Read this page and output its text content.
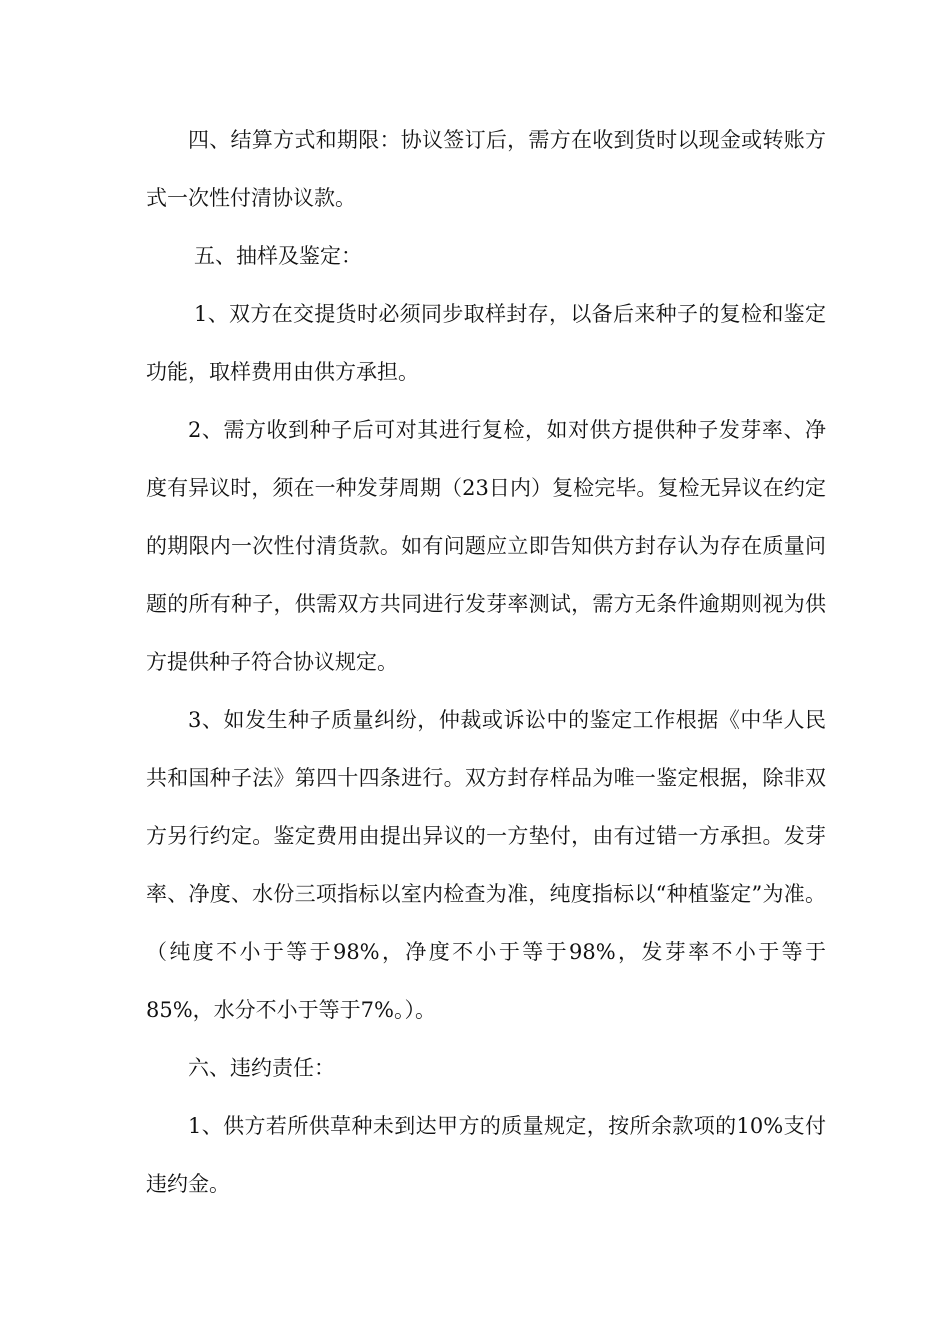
四、结算方式和期限：协议签订后，需方在收到货时以现金或转账方式一次性付清协议款。

五、抽样及鉴定：

1、双方在交提货时必须同步取样封存，以备后来种子的复检和鉴定功能，取样费用由供方承担。

2、需方收到种子后可对其进行复检，如对供方提供种子发芽率、净度有异议时，须在一种发芽周期（23日内）复检完毕。复检无异议在约定的期限内一次性付清货款。如有问题应立即告知供方封存认为存在质量问题的所有种子，供需双方共同进行发芽率测试，需方无条件逾期则视为供方提供种子符合协议规定。

3、如发生种子质量纠纷，仲裁或诉讼中的鉴定工作根据《中华人民共和国种子法》第四十四条进行。双方封存样品为唯一鉴定根据，除非双方另行约定。鉴定费用由提出异议的一方垫付，由有过错一方承担。发芽率、净度、水份三项指标以室内检查为准，纯度指标以“种植鉴定”为准。（纯度不小于等于98%，净度不小于等于98%，发芽率不小于等于85%，水分不小于等于7%。）。

六、违约责任：

1、供方若所供草种未到达甲方的质量规定，按所余款项的10%支付违约金。
